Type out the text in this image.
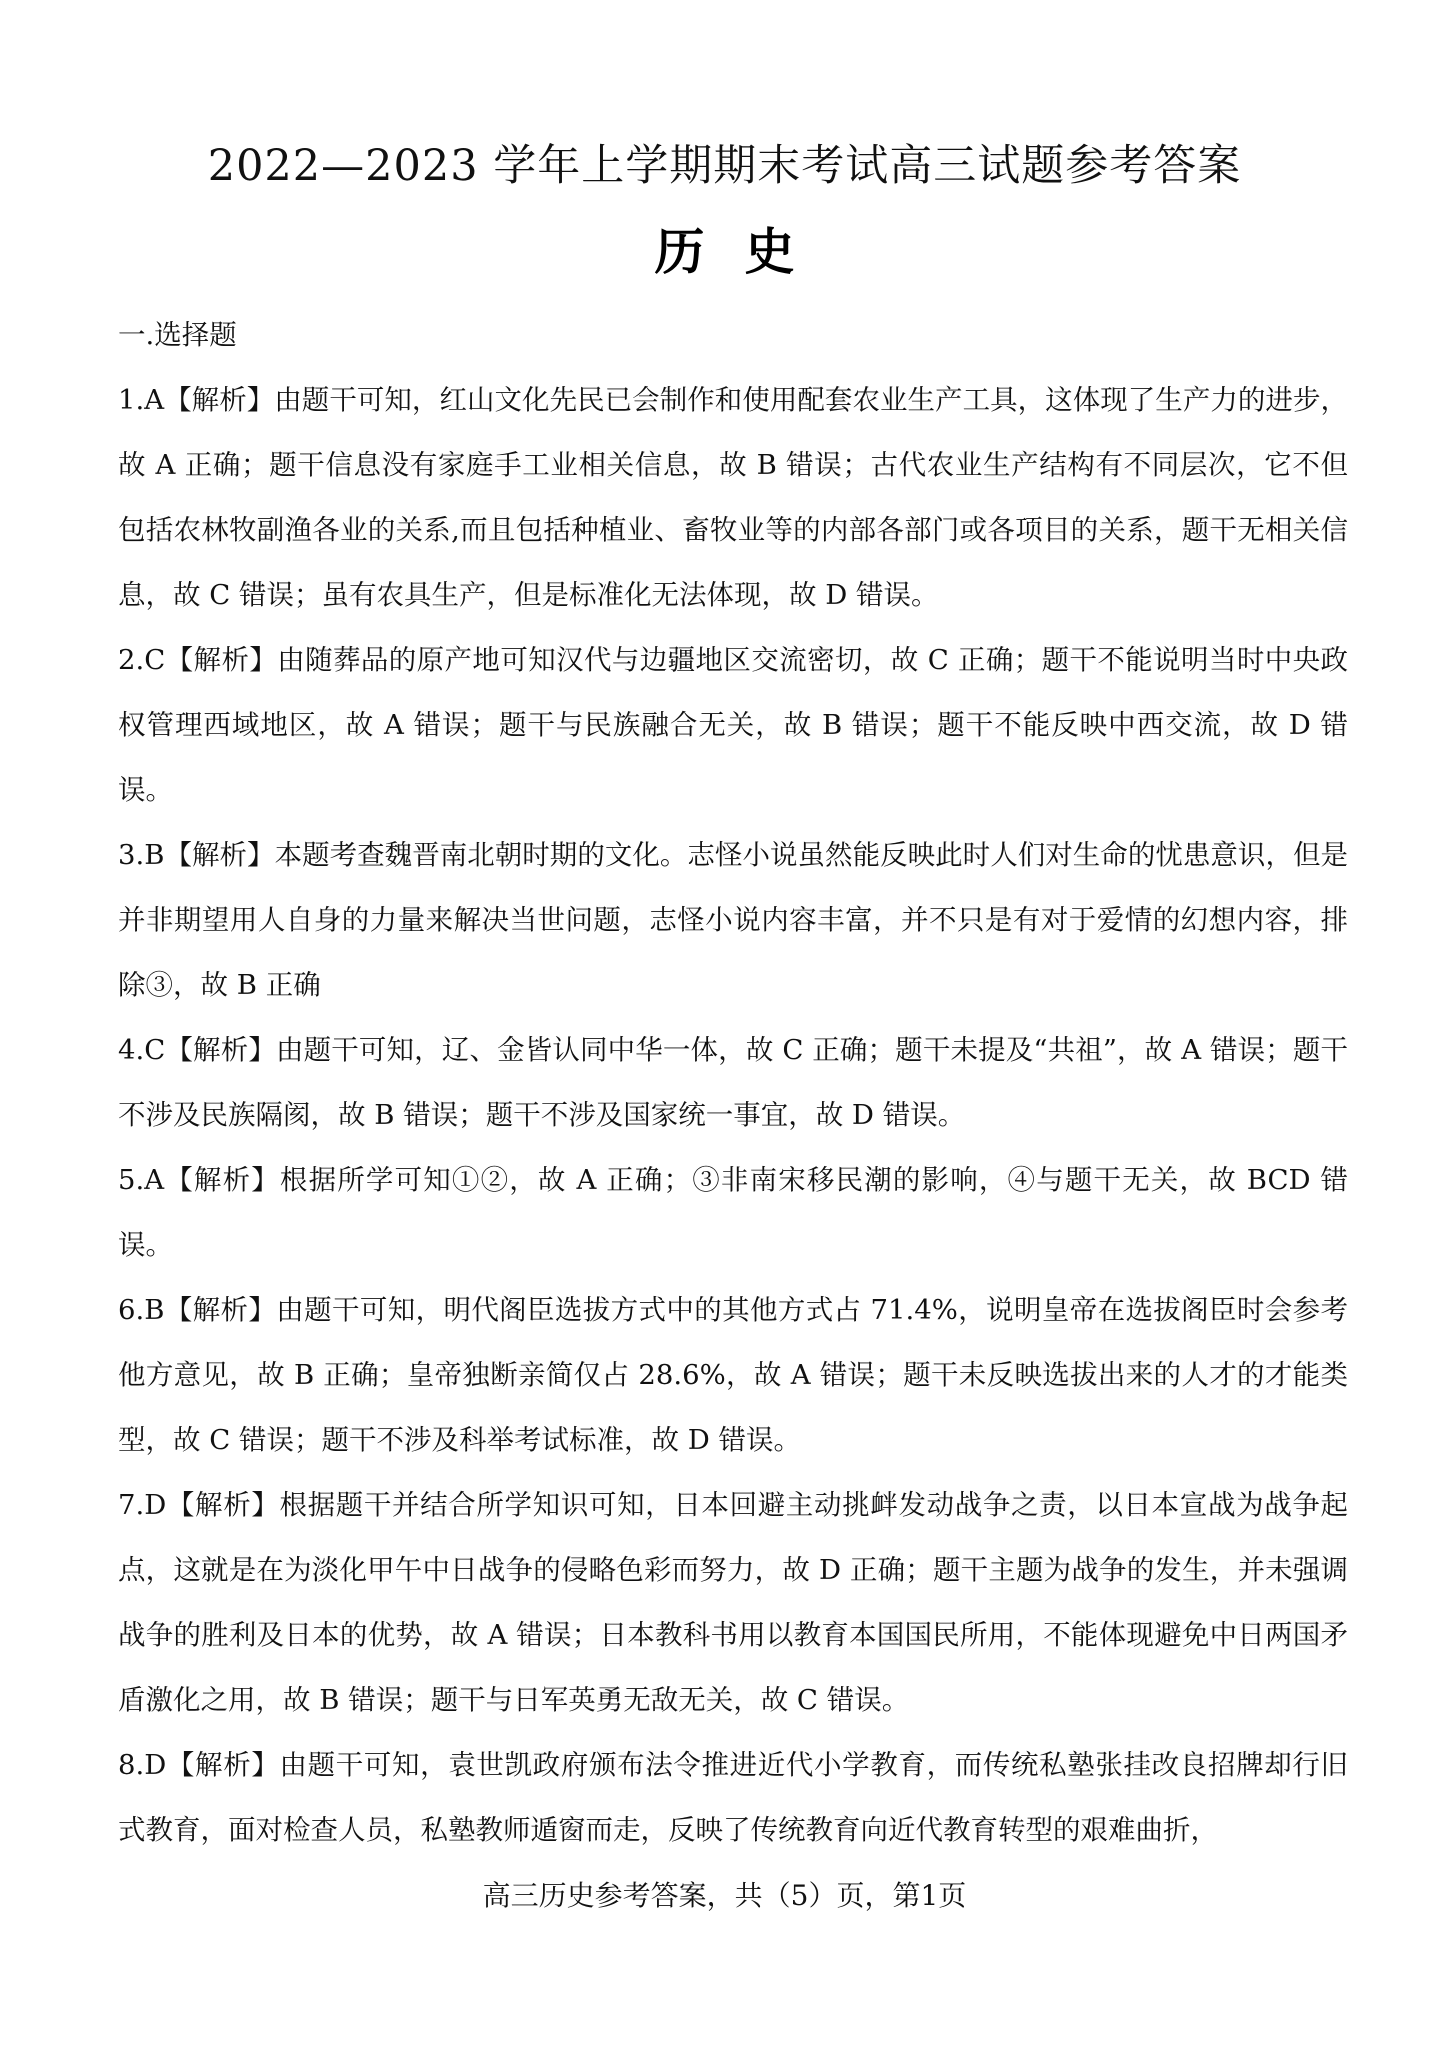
2022—2023 学年上学期期末考试高三试题参考答案
历史

一.选择题

1.A【解析】由题干可知，红山文化先民已会制作和使用配套农业生产工具，这体现了生产力的进步，故 A 正确；题干信息没有家庭手工业相关信息，故 B 错误；古代农业生产结构有不同层次，它不但包括农林牧副渔各业的关系,而且包括种植业、畜牧业等的内部各部门或各项目的关系，题干无相关信息，故 C 错误；虽有农具生产，但是标准化无法体现，故 D 错误。

2.C【解析】由随葬品的原产地可知汉代与边疆地区交流密切，故 C 正确；题干不能说明当时中央政权管理西域地区，故 A 错误；题干与民族融合无关，故 B 错误；题干不能反映中西交流，故 D 错误。

3.B【解析】本题考查魏晋南北朝时期的文化。志怪小说虽然能反映此时人们对生命的忧患意识，但是并非期望用人自身的力量来解决当世问题，志怪小说内容丰富，并不只是有对于爱情的幻想内容，排除③，故 B 正确

4.C【解析】由题干可知，辽、金皆认同中华一体，故 C 正确；题干未提及“共祖”，故 A 错误；题干不涉及民族隔阂，故 B 错误；题干不涉及国家统一事宜，故 D 错误。

5.A【解析】根据所学可知①②，故 A 正确；③非南宋移民潮的影响，④与题干无关，故 BCD 错误。

6.B【解析】由题干可知，明代阁臣选拔方式中的其他方式占 71.4%，说明皇帝在选拔阁臣时会参考他方意见，故 B 正确；皇帝独断亲简仅占 28.6%，故 A 错误；题干未反映选拔出来的人才的才能类型，故 C 错误；题干不涉及科举考试标准，故 D 错误。

7.D【解析】根据题干并结合所学知识可知，日本回避主动挑衅发动战争之责，以日本宣战为战争起点，这就是在为淡化甲午中日战争的侵略色彩而努力，故 D 正确；题干主题为战争的发生，并未强调战争的胜利及日本的优势，故 A 错误；日本教科书用以教育本国国民所用，不能体现避免中日两国矛盾激化之用，故 B 错误；题干与日军英勇无敌无关，故 C 错误。

8.D【解析】由题干可知，袁世凯政府颁布法令推进近代小学教育，而传统私塾张挂改良招牌却行旧式教育，面对检查人员，私塾教师遁窗而走，反映了传统教育向近代教育转型的艰难曲折，

高三历史参考答案，共（5）页，第1页
